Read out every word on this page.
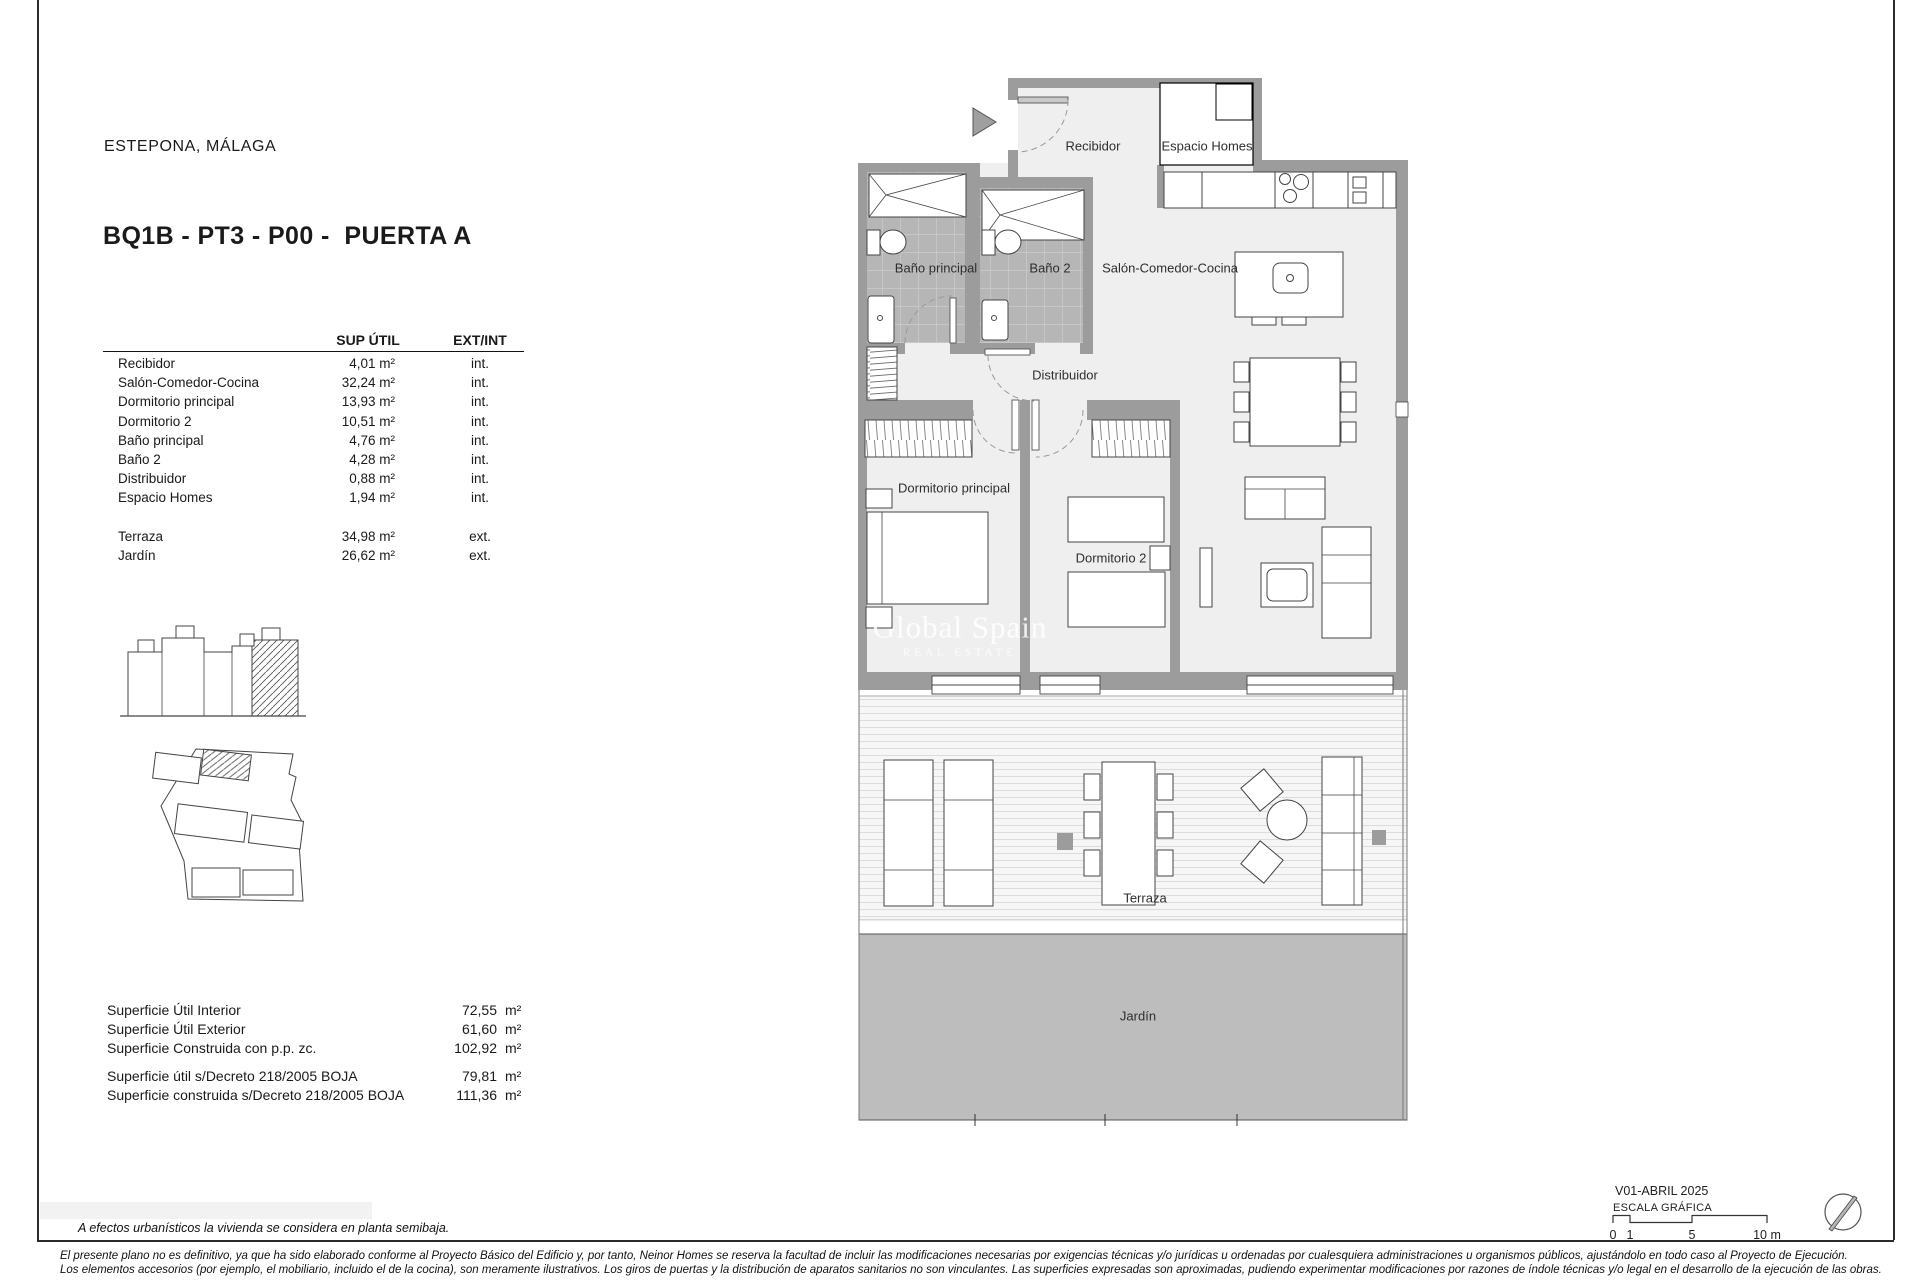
ESTEPONA, MÁLAGA
BQ1B - PT3 - P00 -  PUERTA A
SUP ÚTIL	EXT/INT
Recibidor	4,01 m²	int.
Salón-Comedor-Cocina	32,24 m²	int.
Dormitorio principal	13,93 m²	int.
Dormitorio 2	10,51 m²	int.
Baño principal	4,76 m²	int.
Baño 2	4,28 m²	int.
Distribuidor	0,88 m²	int.
Espacio Homes	1,94 m²	int.
Terraza	34,98 m²	ext.
Jardín	26,62 m²	ext.
Superficie Útil Interior	72,55 m²
Superficie Útil Exterior	61,60 m²
Superficie Construida con p.p. zc.	102,92 m²
Superficie útil s/Decreto 218/2005 BOJA	79,81 m²
Superficie construida s/Decreto 218/2005 BOJA	111,36 m²
Recibidor	Espacio Homes
Salón-Comedor-Cocina
Baño principal	Baño 2
Distribuidor
Dormitorio principal
Dormitorio 2
Terraza
Jardín
Global Spain
REAL ESTATE
V01-ABRIL 2025
ESCALA GRÁFICA
0 1	5	10 m
A efectos urbanísticos la vivienda se considera en planta semibaja.
El presente plano no es definitivo, ya que ha sido elaborado conforme al Proyecto Básico del Edificio y, por tanto, Neinor Homes se reserva la facultad de incluir las modificaciones necesarias por exigencias técnicas y/o jurídicas u ordenadas por cualesquiera administraciones u organismos públicos, ajustándolo en todo caso al Proyecto de Ejecución.
Los elementos accesorios (por ejemplo, el mobiliario, incluido el de la cocina), son meramente ilustrativos. Los giros de puertas y la distribución de aparatos sanitarios no son vinculantes. Las superficies expresadas son aproximadas, pudiendo experimentar modificaciones por razones de índole técnicas y/o legal en el desarrollo de la ejecución de las obras.
